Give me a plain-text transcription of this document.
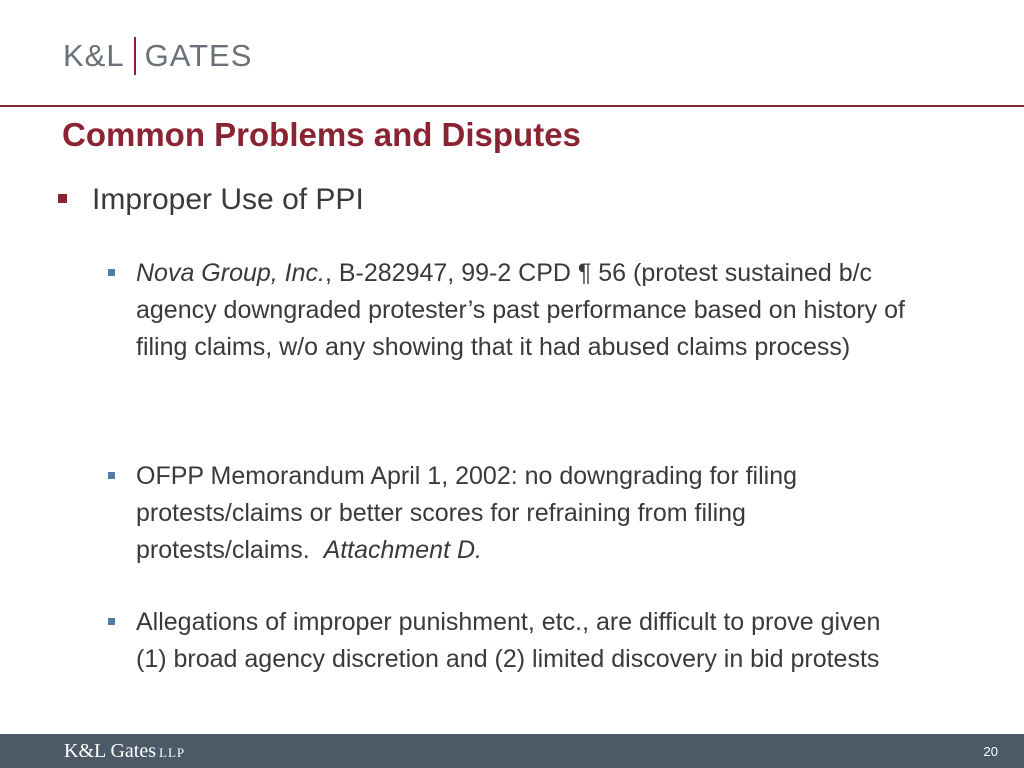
K&L GATES
Common Problems and Disputes
Improper Use of PPI
Nova Group, Inc., B-282947, 99-2 CPD ¶ 56 (protest sustained b/c agency downgraded protester’s past performance based on history of filing claims, w/o any showing that it had abused claims process)
OFPP Memorandum April 1, 2002: no downgrading for filing protests/claims or better scores for refraining from filing protests/claims.  Attachment D.
Allegations of improper punishment, etc., are difficult to prove given (1) broad agency discretion and (2) limited discovery in bid protests
K&L Gates LLP	20
